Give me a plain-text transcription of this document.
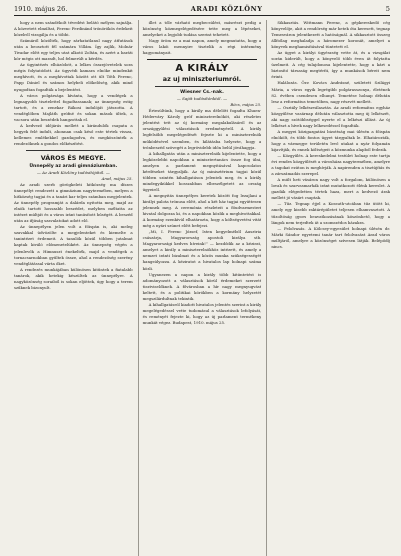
1910. május 26.	ARADI KÖZLÖNY	5

hogy a nem szándékolt tévedést belátó mélyen sajnálja. A közvetett elmúltat, Ferenc Ferdinánd trónörökös érdekeit közelről vizsgálja és a többi.

Számáról közölték, hogy zárhatatlanul nagy átfutások után a beosztott fél számára Villám. Így zajlik, Molnár Tivadar előtt egy teljes utat alkotó Zoltán, és azért a baráti kör mégis ott maradt, hol felmerült a kérdés.

Az ügyintézés elhúzódott, a lelkes összejövetelek sora mégis folytatódott. Az ügyvédi kamara elnöke mindenkit meghívott, és a meghívottak között ott ült Tóth Ferenc, Papp Dániel és számos helybeli előkelőség, akik mind nyugodtan fogadták a bejelentést.

A város polgársága kívánta, hogy a vendégek a legnagyobb tisztelettel fogadtassanak; az ünnepség estig tartott, és a zenekar Rákosi indulóját játszotta. A vendéglőben Majláth grófné és sokan mások ültek, a vacsora után beszédek hangzottak el.

A kedvező időjárás mellett a kirándulók csapata a hegyek felé indult, ahonnan csak késő este tértek vissza, kellemes emlékekkel gazdagodva, és megköszönték a rendezőknek a gondos előkészítést.

VÁROS ÉS MEGYE.

Ünnepély az aradi gimnáziumban.

— Az Aradi Közlöny tudósítójától. —

Arad, május 25.

Az aradi szerb görögkeleti hitközség ma díszes ünnepélyt rendezett a gimnázium nagytermében, melyen a hitközség tagjai és a tanári kar teljes számban megjelentek. Az ünnepély programját a dalárda nyitotta meg, majd az elnök tartott hosszabb beszédet, melyben méltatta az intézet múltját és a város iránt tanúsított hűségét. A beszéd után az ifjúság szavalatokat adott elő.

Az ünnepélyen jelen volt a főispán is, aki meleg szavakkal üdvözölte a megjelenteket és kiemelte a tanintézet érdemeit. A tanulók közül többen jutalmat kaptak kiváló előmenetelükért. Az ünnepség végén a jelenlevők a Himnuszt énekelték, majd a vendégek a tornacsarnokban gyűltek össze, ahol a rendezőség szerény vendéglátással várta őket.

A rendezés munkájában különösen kitűntek a fiatalabb tanárok, akik hetekig készültek az ünnepélyre. A nagyközönség soraiból is sokan eljöttek, úgy hogy a terem szűknek bizonyult.

illet a tőle várható megbecsülést, másrészt pedig a közönség közmegelégedésére tette meg a lépéseket, amelyeket a legjobb tudása szerint tehetett.

Nagy öröm ez a mai napon, amely megmutatta, hogy a város lakói mennyire tisztelik a régi intézmény hagyományait.

A KIRÁLY

az uj miniszteriumról.

Wiesner Cs.-nak.

— Saját tudósítónktól. —

Bécs, május 25.

Értesültünk, hogy a király ma délelőtt fogadta Khuen-Héderváry Károly gróf miniszterelnököt, aki részletes jelentést tett az új kormány megalakulásáról és az országgyűlési választások eredményéről. A király legfelsőbb megelégedését fejezte ki a miniszterelnök működésével szemben, és kilátásba helyezte, hogy a trónbeszéd szövegét a legrövidebb időn belül jóváhagyja.

A kihallgatás után a miniszterelnök kijelentette, hogy a legközelebbi napokban a minisztertanács össze fog ülni, amelyen a parlament megnyitásával kapcsolatos kérdéseket tárgyalják. Az új minisztérium tagjai közül többen szintén kihallgatáson jelentek meg, és a király mindegyikükkel hosszabban elbeszélgetett az ország ügyeiről.

A megnyitás ünnepélyes keretek között fog lezajlani a királyi palota trónusa előtt, ahol a két ház tagjai együttesen jelennek meg. A ceremónia részleteit a főudvarmesteri hivatal dolgozza ki, és a napokban közlik a meghívottakkal. A kormány ezenkívül elhatározta, hogy a költségvetési vitát még a nyári szünet előtt befejezi.

„Mi, I. Ferenc József, Isten kegyelméből Ausztria császárja, Magyarország apostoli királya stb. Magyarországi kedves híveink!” — kezdődik az a kézirat, amelyet a király a miniszterelnökhöz intézett, és amely a nemzet iránti bizalmat és a közös munka szükségességét hangsúlyozza. A kéziratot a hivatalos lap holnapi száma közli.

Ugyanezen a napon a király több kitüntetést is adományozott a választások körül érdemeket szerzett tisztviselőknek. A fővárosban a hír nagy megnyugvást keltett, és a politikai körökben a kormány helyzetét megszilárdultnak tekintik.

A kihallgatásról kiadott hivatalos jelentés szerint a király megelégedéssel vette tudomásul a választások lefolyását, és reményét fejezte ki, hogy az új parlament termékeny munkát végez. Budapest, 1910. május 25.

Sikkasztás. Wittmann Ferenc, a gépkereskedő cég könyvelője, akit a rendőrség már hetek óta keresett, tegnap Temesváron jelentkezett a hatóságnál. A sikkasztott összeg állítólag meghaladja a háromezer koronát, amelyet a könyvek meghamisításával tüntetett el.

Az ügyet a királyi ügyészség vette át, és a vizsgálat során kiderült, hogy a könyvelő több éven át folytatta üzelmeit. A cég tulajdonosa kijelentette, hogy a kárt a biztosító társaság megtéríti, így a munkások béreit nem érinti.

Halálozás. Özv. Kovács Andrásné, született Szilágyi Mária, a város egyik legrégibb polgárasszonya, életének 82. évében csendesen elhunyt. Temetése holnap délután lesz a református temetőben, nagy részvét mellett.

— Osztály lelkészválasztás. Az aradi református egyház közgyűlése vasárnap délután választotta meg új lelkészét, aki nagy szótöbbséggel nyerte el a lelkészi állást. Az új lelkészt a hívek nagy lelkesedéssel fogadták.

A megyei közigazgatási bizottság mai ülésén a főispán elnökölt, és több fontos ügyet tárgyaltak le. Elhatározták, hogy a vármegye területén levő utakat a nyár folyamán kijavítják, és ennek költségeit a közmunka alapból fedezik.

— Közgyűlés. A kereskedelmi testület holnap este tartja évi rendes közgyűlését a városháza nagytermében, amelyre a tagokat ezúton is meghívják. A napirenden a tisztújítás és a zárszámadás szerepel.

A múlt heti vásáron nagy volt a forgalom, különösen a lovak és szarvasmarhák iránt mutatkozott élénk kereslet. A gazdák elégedetten tértek haza, mert a kedvező árak mellett jó vásárt csaptak.

— Tűz. Tegnap éjjel a Kossuth-utcában tűz ütött ki, amely egy kisebb raktárépületet teljesen elhamvasztott. A tűzoltóság gyors beavatkozásának köszönhető, hogy a lángok nem terjedtek át a szomszédos házakra.

— Felolvasás. A Kölcsey-egyesület holnapi ülésén dr. Márki Sándor egyetemi tanár tart felolvasást Arad város múltjáról, amelyre a közönséget szívesen látják. Belépődíj nincs.
